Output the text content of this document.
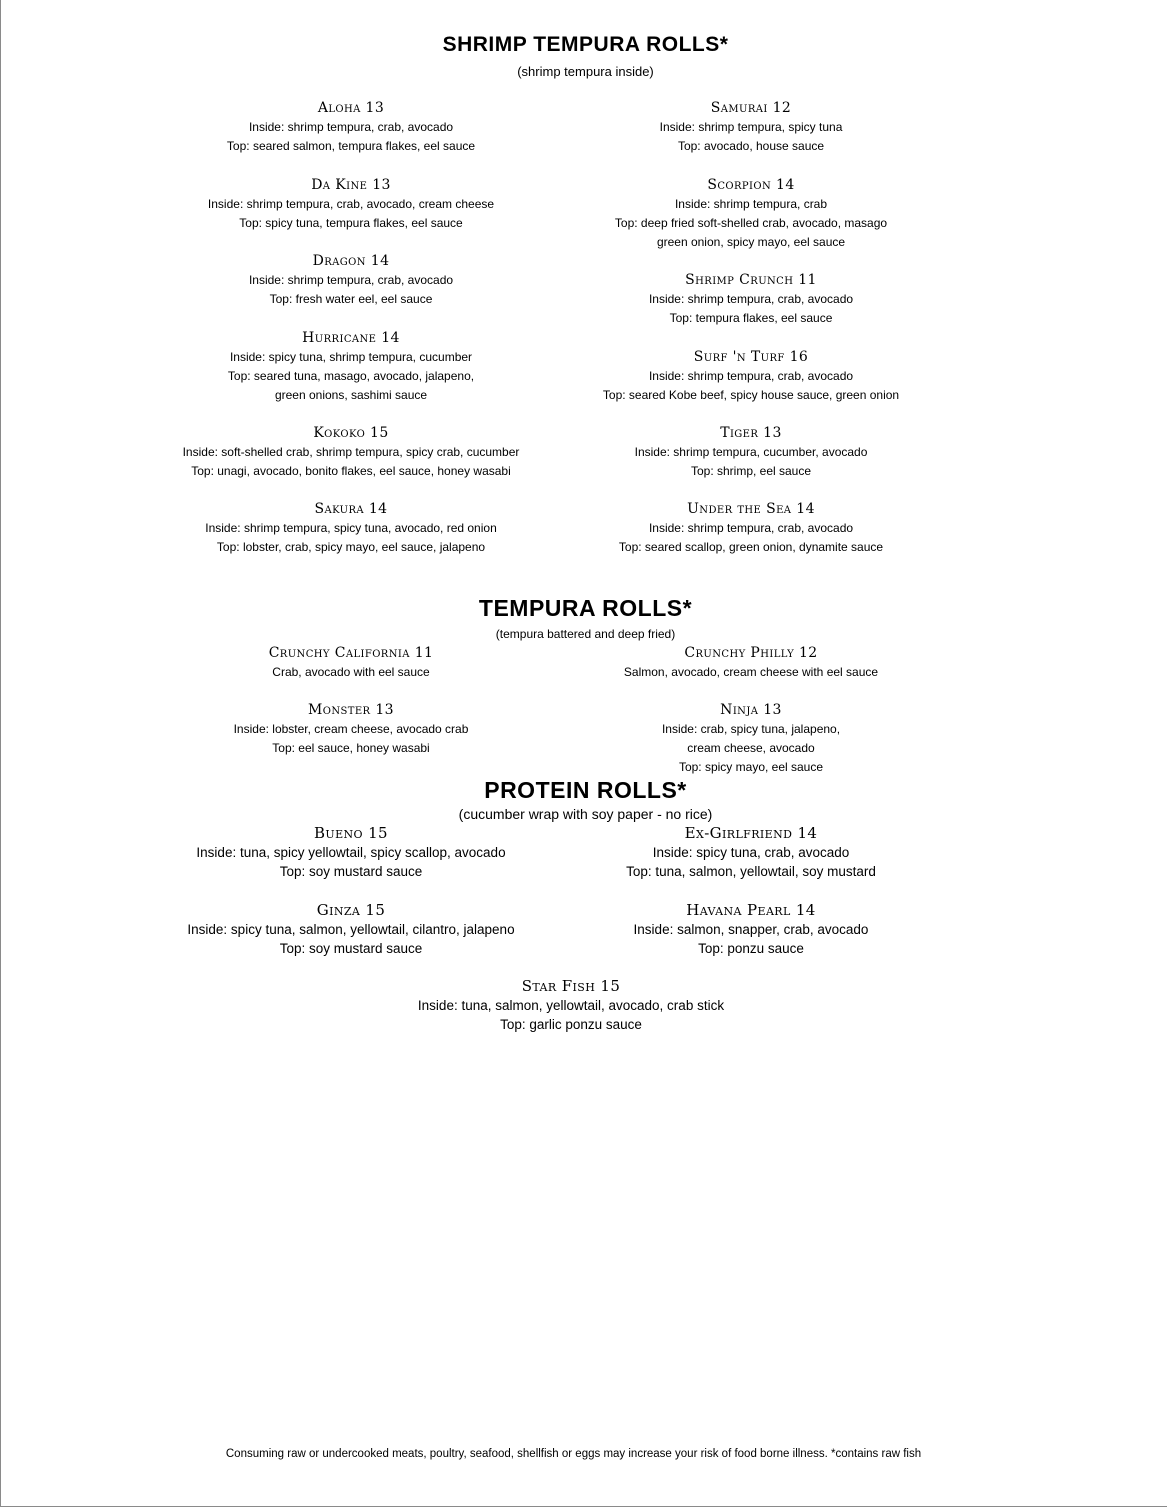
SHRIMP TEMPURA ROLLS*
(shrimp tempura inside)
Aloha 13
Inside: shrimp tempura, crab, avocado
Top: seared salmon, tempura flakes, eel sauce
Samurai 12
Inside: shrimp tempura, spicy tuna
Top: avocado, house sauce
Da Kine 13
Inside: shrimp tempura, crab, avocado, cream cheese
Top: spicy tuna, tempura flakes, eel sauce
Scorpion 14
Inside: shrimp tempura, crab
Top: deep fried soft-shelled crab, avocado, masago
green onion, spicy mayo, eel sauce
Dragon 14
Inside: shrimp tempura, crab, avocado
Top: fresh water eel, eel sauce
Shrimp Crunch 11
Inside: shrimp tempura, crab, avocado
Top: tempura flakes, eel sauce
Hurricane 14
Inside: spicy tuna, shrimp tempura, cucumber
Top: seared tuna, masago, avocado, jalapeno,
green onions, sashimi sauce
Surf 'n Turf 16
Inside: shrimp tempura, crab, avocado
Top: seared Kobe beef, spicy house sauce, green onion
Kokoko 15
Inside: soft-shelled crab, shrimp tempura, spicy crab, cucumber
Top: unagi, avocado, bonito flakes, eel sauce, honey wasabi
Tiger 13
Inside: shrimp tempura, cucumber, avocado
Top: shrimp, eel sauce
Sakura 14
Inside: shrimp tempura, spicy tuna, avocado, red onion
Top: lobster, crab, spicy mayo, eel sauce, jalapeno
Under the Sea 14
Inside: shrimp tempura, crab, avocado
Top: seared scallop, green onion, dynamite sauce
TEMPURA ROLLS*
(tempura battered and deep fried)
Crunchy California 11
Crab, avocado with eel sauce
Crunchy Philly 12
Salmon, avocado, cream cheese with eel sauce
Monster 13
Inside: lobster, cream cheese, avocado crab
Top: eel sauce, honey wasabi
Ninja 13
Inside: crab, spicy tuna, jalapeno,
cream cheese, avocado
Top: spicy mayo, eel sauce
PROTEIN ROLLS*
(cucumber wrap with soy paper - no rice)
Bueno 15
Inside: tuna, spicy yellowtail, spicy scallop, avocado
Top: soy mustard sauce
Ex-Girlfriend 14
Inside: spicy tuna, crab, avocado
Top: tuna, salmon, yellowtail, soy mustard
Ginza 15
Inside: spicy tuna, salmon, yellowtail, cilantro, jalapeno
Top: soy mustard sauce
Havana Pearl 14
Inside: salmon, snapper, crab, avocado
Top: ponzu sauce
Star Fish 15
Inside: tuna, salmon, yellowtail, avocado, crab stick
Top: garlic ponzu sauce
Consuming raw or undercooked meats, poultry, seafood, shellfish or eggs may increase your risk of food borne illness. *contains raw fish
